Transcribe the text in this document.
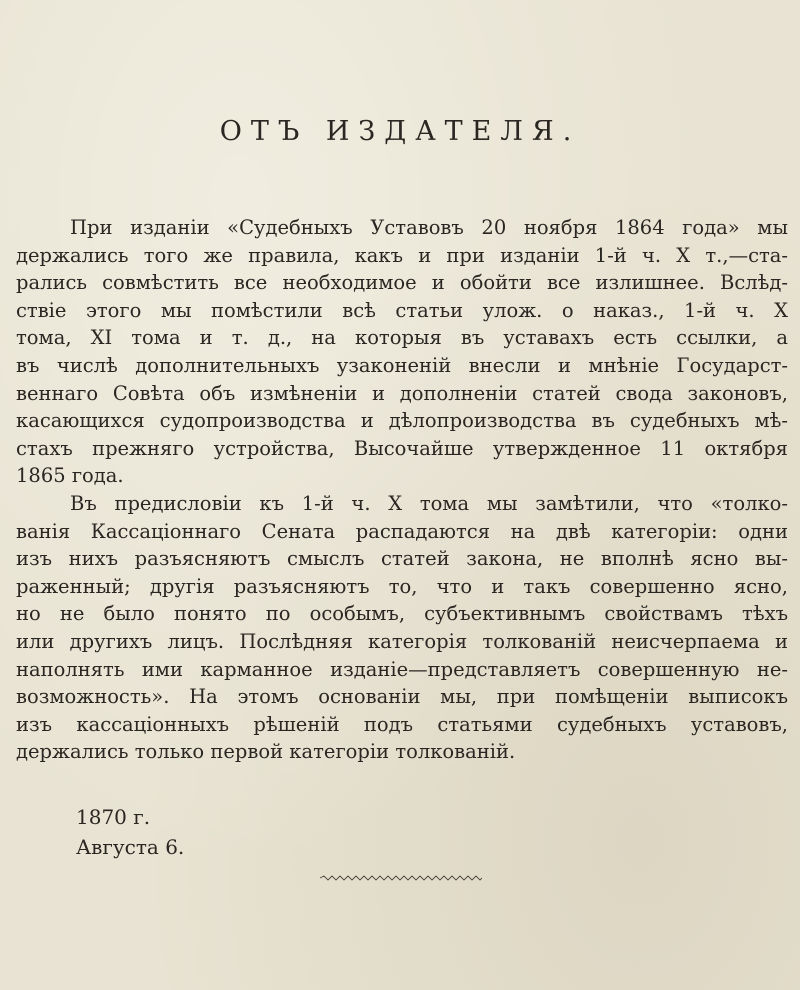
ОТЪ ИЗДАТЕЛЯ.
При изданіи «Судебныхъ Уставовъ 20 ноября 1864 года» мы
держались того же правила, какъ и при изданіи 1-й ч. X т.,—ста-
рались совмѣстить все необходимое и обойти все излишнее. Вслѣд-
ствіе этого мы помѣстили всѣ статьи улож. о наказ., 1-й ч. X
тома, XI тома и т. д., на которыя въ уставахъ есть ссылки, а
въ числѣ дополнительныхъ узаконеній внесли и мнѣніе Государст-
веннаго Совѣта объ измѣненіи и дополненіи статей свода законовъ,
касающихся судопроизводства и дѣлопроизводства въ судебныхъ мѣ-
стахъ прежняго устройства, Высочайше утвержденное 11 октября
1865 года.
Въ предисловіи къ 1-й ч. X тома мы замѣтили, что «толко-
ванія Кассаціоннаго Сената распадаются на двѣ категоріи: одни
изъ нихъ разъясняютъ смыслъ статей закона, не вполнѣ ясно вы-
раженный; другія разъясняютъ то, что и такъ совершенно ясно,
но не было понято по особымъ, субъективнымъ свойствамъ тѣхъ
или другихъ лицъ. Послѣдняя категорія толкованій неисчерпаема и
наполнять ими карманное изданіе—представляетъ совершенную не-
возможность». На этомъ основаніи мы, при помѣщеніи выписокъ
изъ кассаціонныхъ рѣшеній подъ статьями судебныхъ уставовъ,
держались только первой категоріи толкованій.
1870 г.
Августа 6.
